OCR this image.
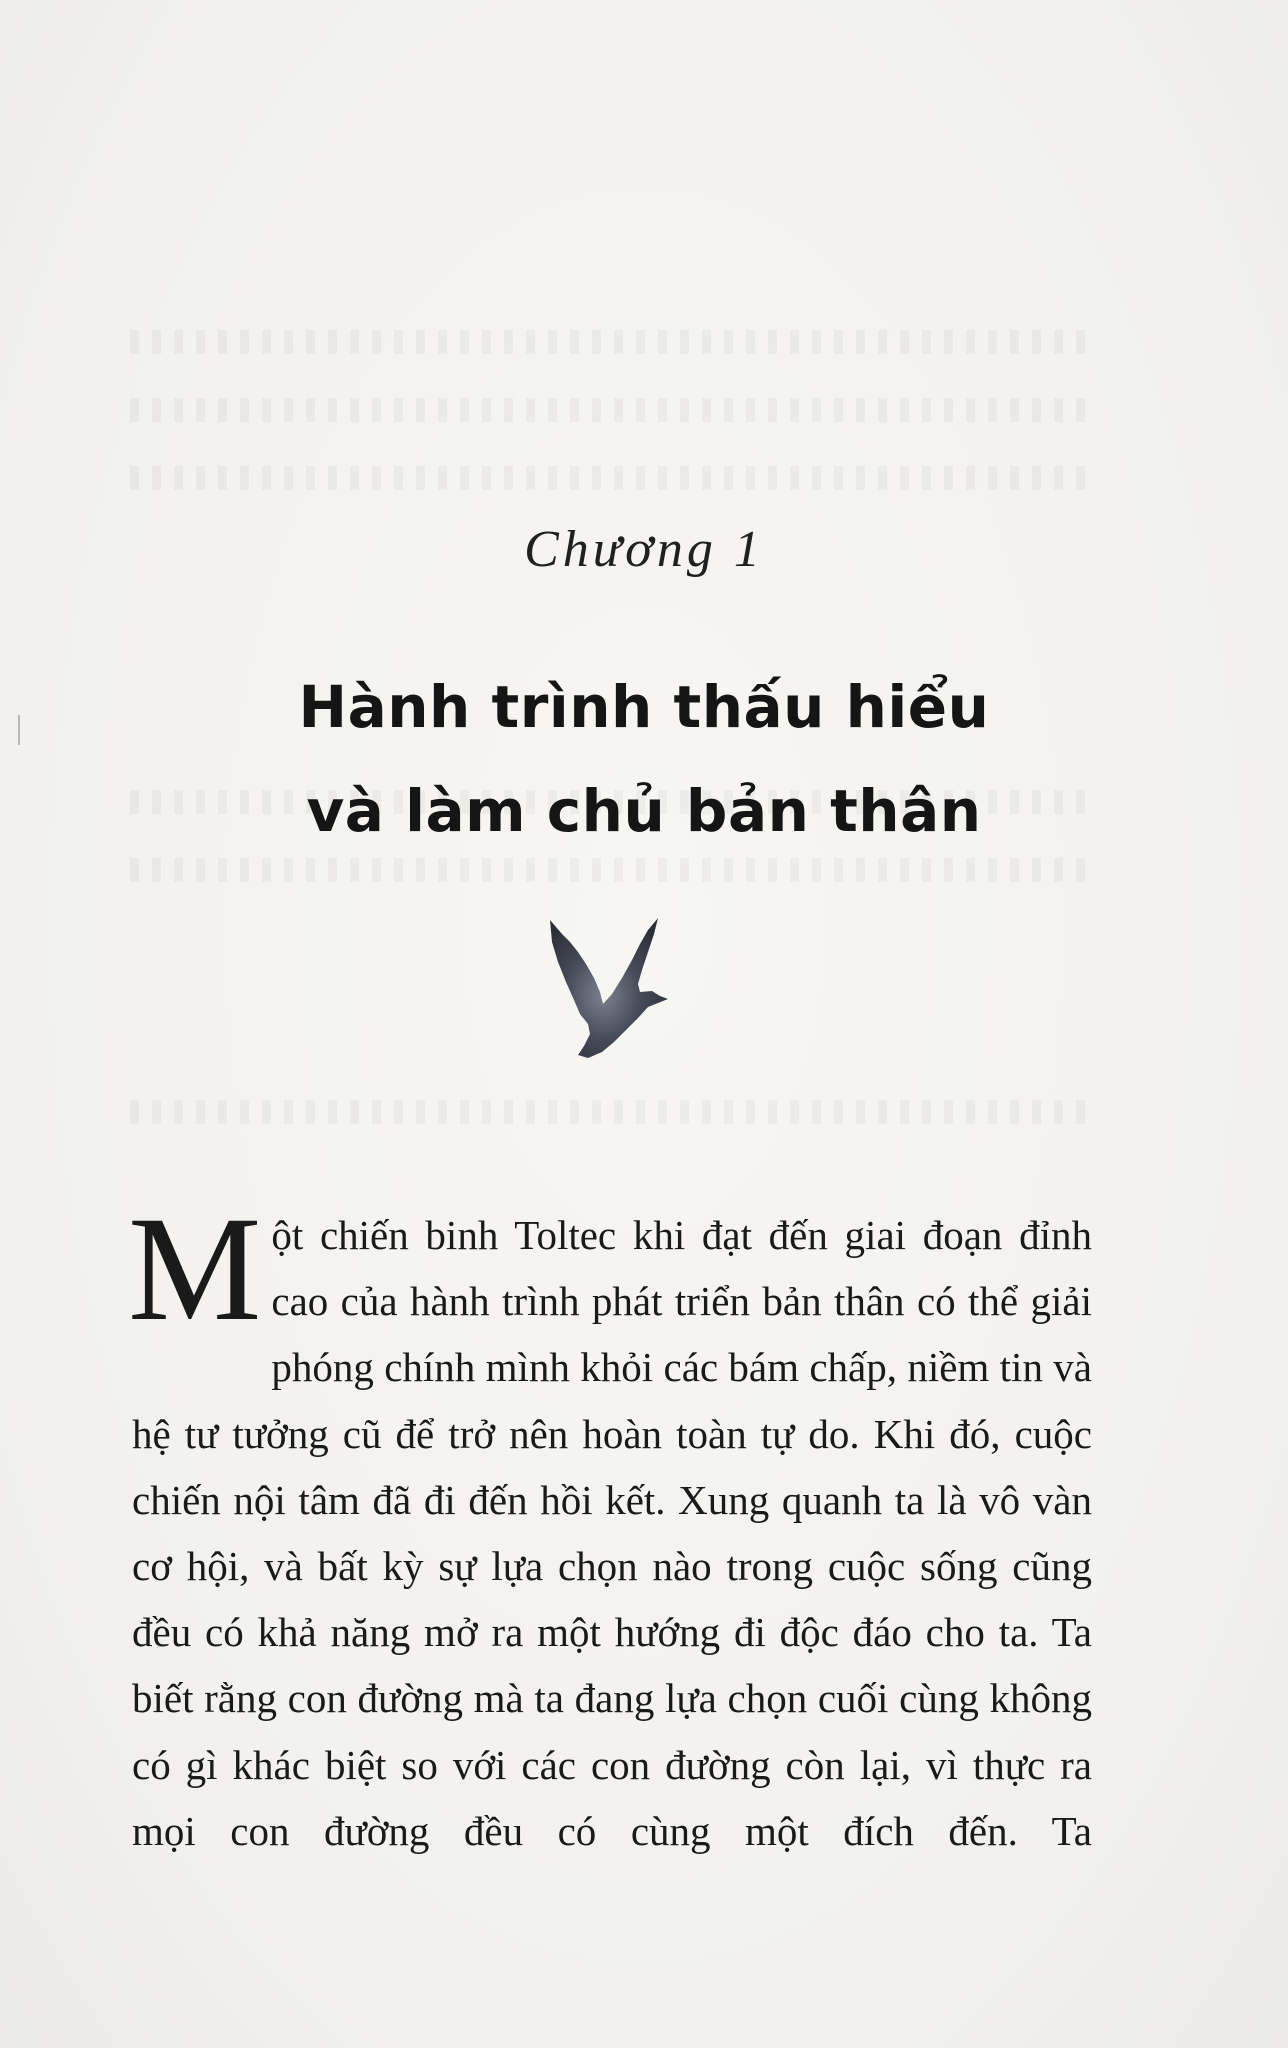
Chương 1
Hành trình thấu hiểu
và làm chủ bản thân
M ột chiến binh Toltec khi đạt đến giai đoạn đỉnh cao của hành trình phát triển bản thân có thể giải phóng chính mình khỏi các bám chấp, niềm tin và hệ tư tưởng cũ để trở nên hoàn toàn tự do. Khi đó, cuộc chiến nội tâm đã đi đến hồi kết. Xung quanh ta là vô vàn cơ hội, và bất kỳ sự lựa chọn nào trong cuộc sống cũng đều có khả năng mở ra một hướng đi độc đáo cho ta. Ta biết rằng con đường mà ta đang lựa chọn cuối cùng không có gì khác biệt so với các con đường còn lại, vì thực ra mọi con đường đều có cùng một đích đến. Ta
